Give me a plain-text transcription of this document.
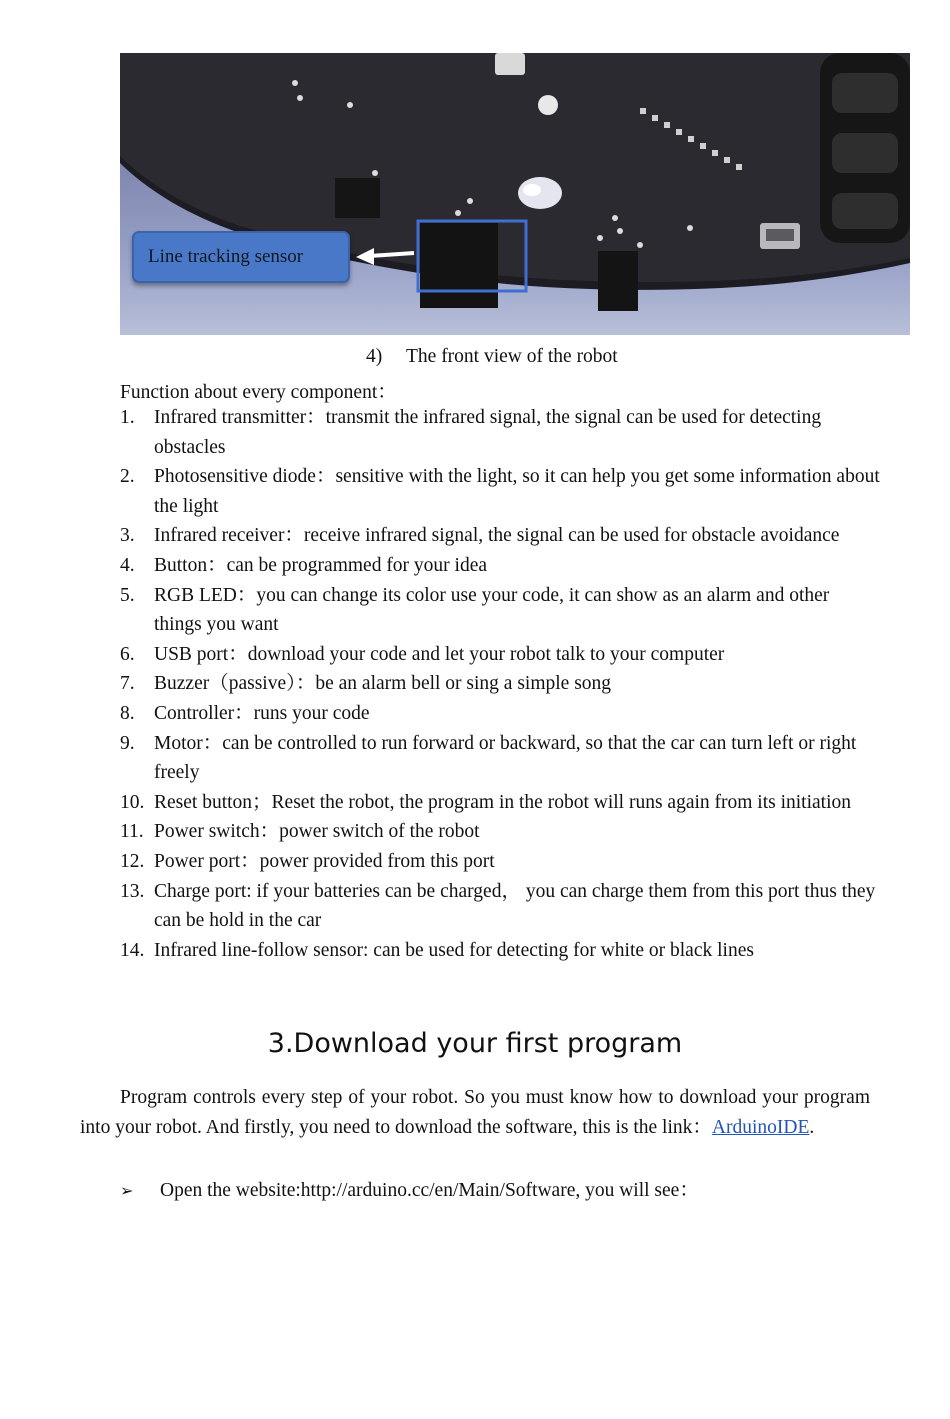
Line tracking sensor
4) The front view of the robot
Function about every component：
1. Infrared transmitter：transmit the infrared signal, the signal can be used for detecting obstacles
2. Photosensitive diode：sensitive with the light, so it can help you get some information about the light
3. Infrared receiver：receive infrared signal, the signal can be used for obstacle avoidance
4. Button：can be programmed for your idea
5. RGB LED：you can change its color use your code, it can show as an alarm and other things you want
6. USB port：download your code and let your robot talk to your computer
7. Buzzer（passive）：be an alarm bell or sing a simple song
8. Controller：runs your code
9. Motor：can be controlled to run forward or backward, so that the car can turn left or right freely
10. Reset button；Reset the robot, the program in the robot will runs again from its initiation
11. Power switch：power switch of the robot
12. Power port：power provided from this port
13. Charge port: if your batteries can be charged， you can charge them from this port thus they can be hold in the car
14. Infrared line-follow sensor: can be used for detecting for white or black lines
3.Download your first program

Program controls every step of your robot. So you must know how to download your program into your robot. And firstly, you need to download the software, this is the link：ArduinoIDE.

➢ Open the website:http://arduino.cc/en/Main/Software, you will see：
